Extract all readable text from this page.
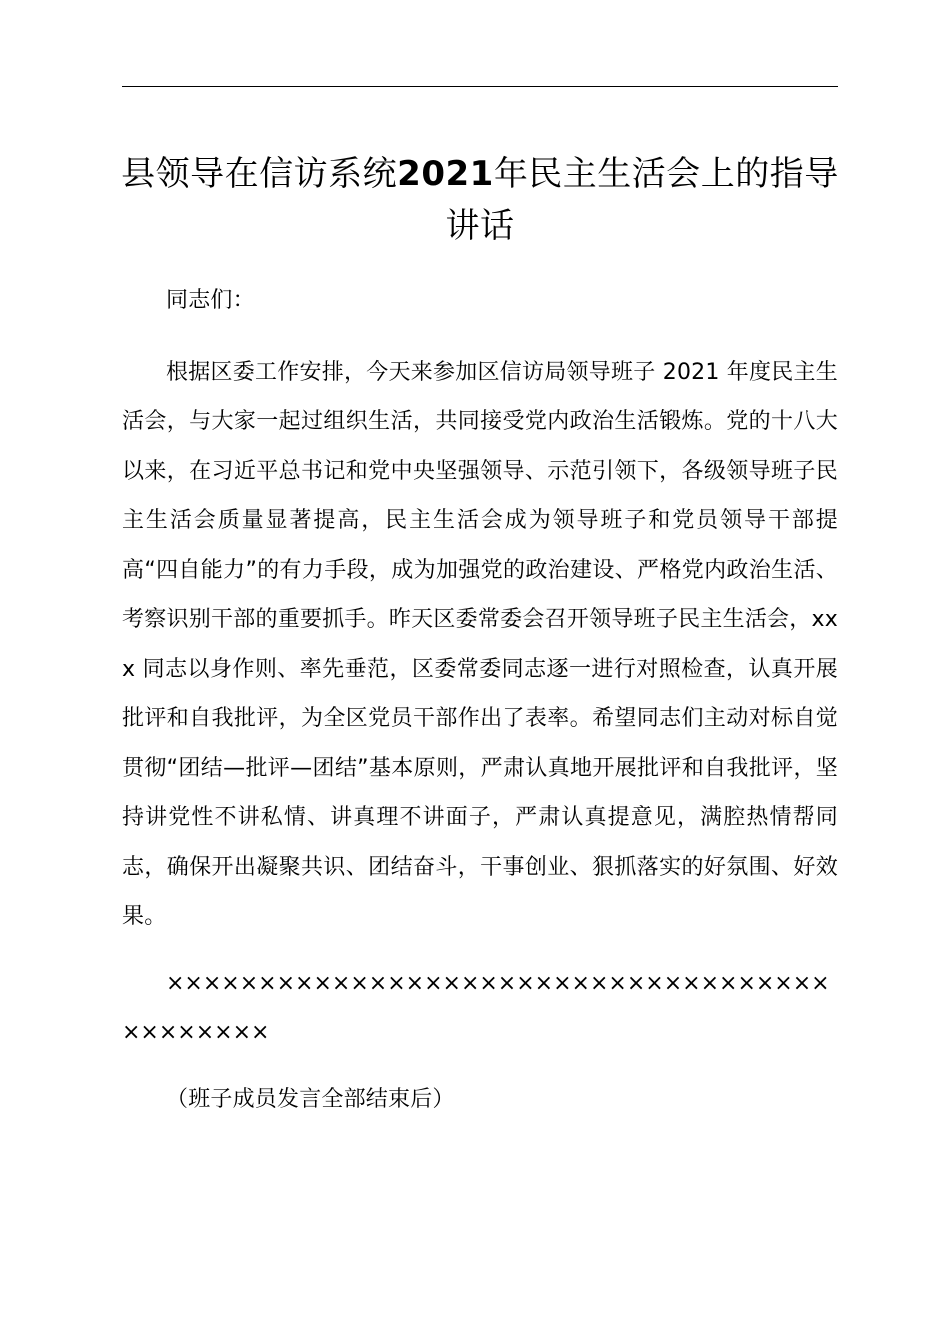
县领导在信访系统2021年民主生活会上的指导讲话

同志们：

根据区委工作安排，今天来参加区信访局领导班子 2021 年度民主生活会，与大家一起过组织生活，共同接受党内政治生活锻炼。党的十八大以来，在习近平总书记和党中央坚强领导、示范引领下，各级领导班子民主生活会质量显著提高，民主生活会成为领导班子和党员领导干部提高“四自能力”的有力手段，成为加强党的政治建设、严格党内政治生活、考察识别干部的重要抓手。昨天区委常委会召开领导班子民主生活会，xxx 同志以身作则、率先垂范，区委常委同志逐一进行对照检查，认真开展批评和自我批评，为全区党员干部作出了表率。希望同志们主动对标自觉贯彻“团结—批评—团结”基本原则，严肃认真地开展批评和自我批评，坚持讲党性不讲私情、讲真理不讲面子，严肃认真提意见，满腔热情帮同志，确保开出凝聚共识、团结奋斗，干事创业、狠抓落实的好氛围、好效果。

××××××××××××××××××××××××××××××××××××××××××××

（班子成员发言全部结束后）
